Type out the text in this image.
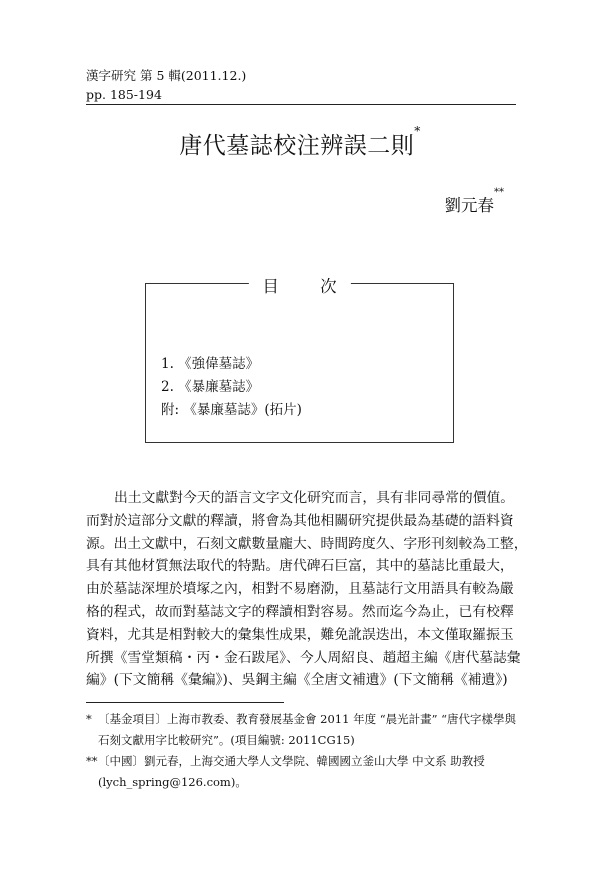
漢字研究 第 5 輯(2011.12.)
pp. 185-194
唐代墓誌校注辨誤二則*
劉元春**
目 次
1. 《強偉墓誌》
2. 《暴廉墓誌》
附: 《暴廉墓誌》(拓片)
出土文獻對今天的語言文字文化研究而言，具有非同尋常的價值。
而對於這部分文獻的釋讀，將會為其他相關研究提供最為基礎的語料資
源。出土文獻中，石刻文獻數量龐大、時間跨度久、字形刊刻較為工整，
具有其他材質無法取代的特點。唐代碑石巨富，其中的墓誌比重最大，
由於墓誌深埋於墳塚之內，相對不易磨泐，且墓誌行文用語具有較為嚴
格的程式，故而對墓誌文字的釋讀相對容易。然而迄今為止，已有校釋
資料，尤其是相對較大的彙集性成果，難免訛誤迭出，本文僅取羅振玉
所撰《雪堂類稿・丙・金石跋尾》、今人周紹良、趙超主編《唐代墓誌彙
編》(下文簡稱《彙編》)、吳鋼主編《全唐文補遺》(下文簡稱《補遺》)
* 〔基金項目〕上海市教委、教育發展基金會 2011 年度 “晨光計畫” “唐代字樣學與
石刻文獻用字比較研究”。(項目編號: 2011CG15)
**〔中國〕劉元春，上海交通大學人文學院、韓國國立釜山大學 中文系 助教授
(lych_spring@126.com)。
